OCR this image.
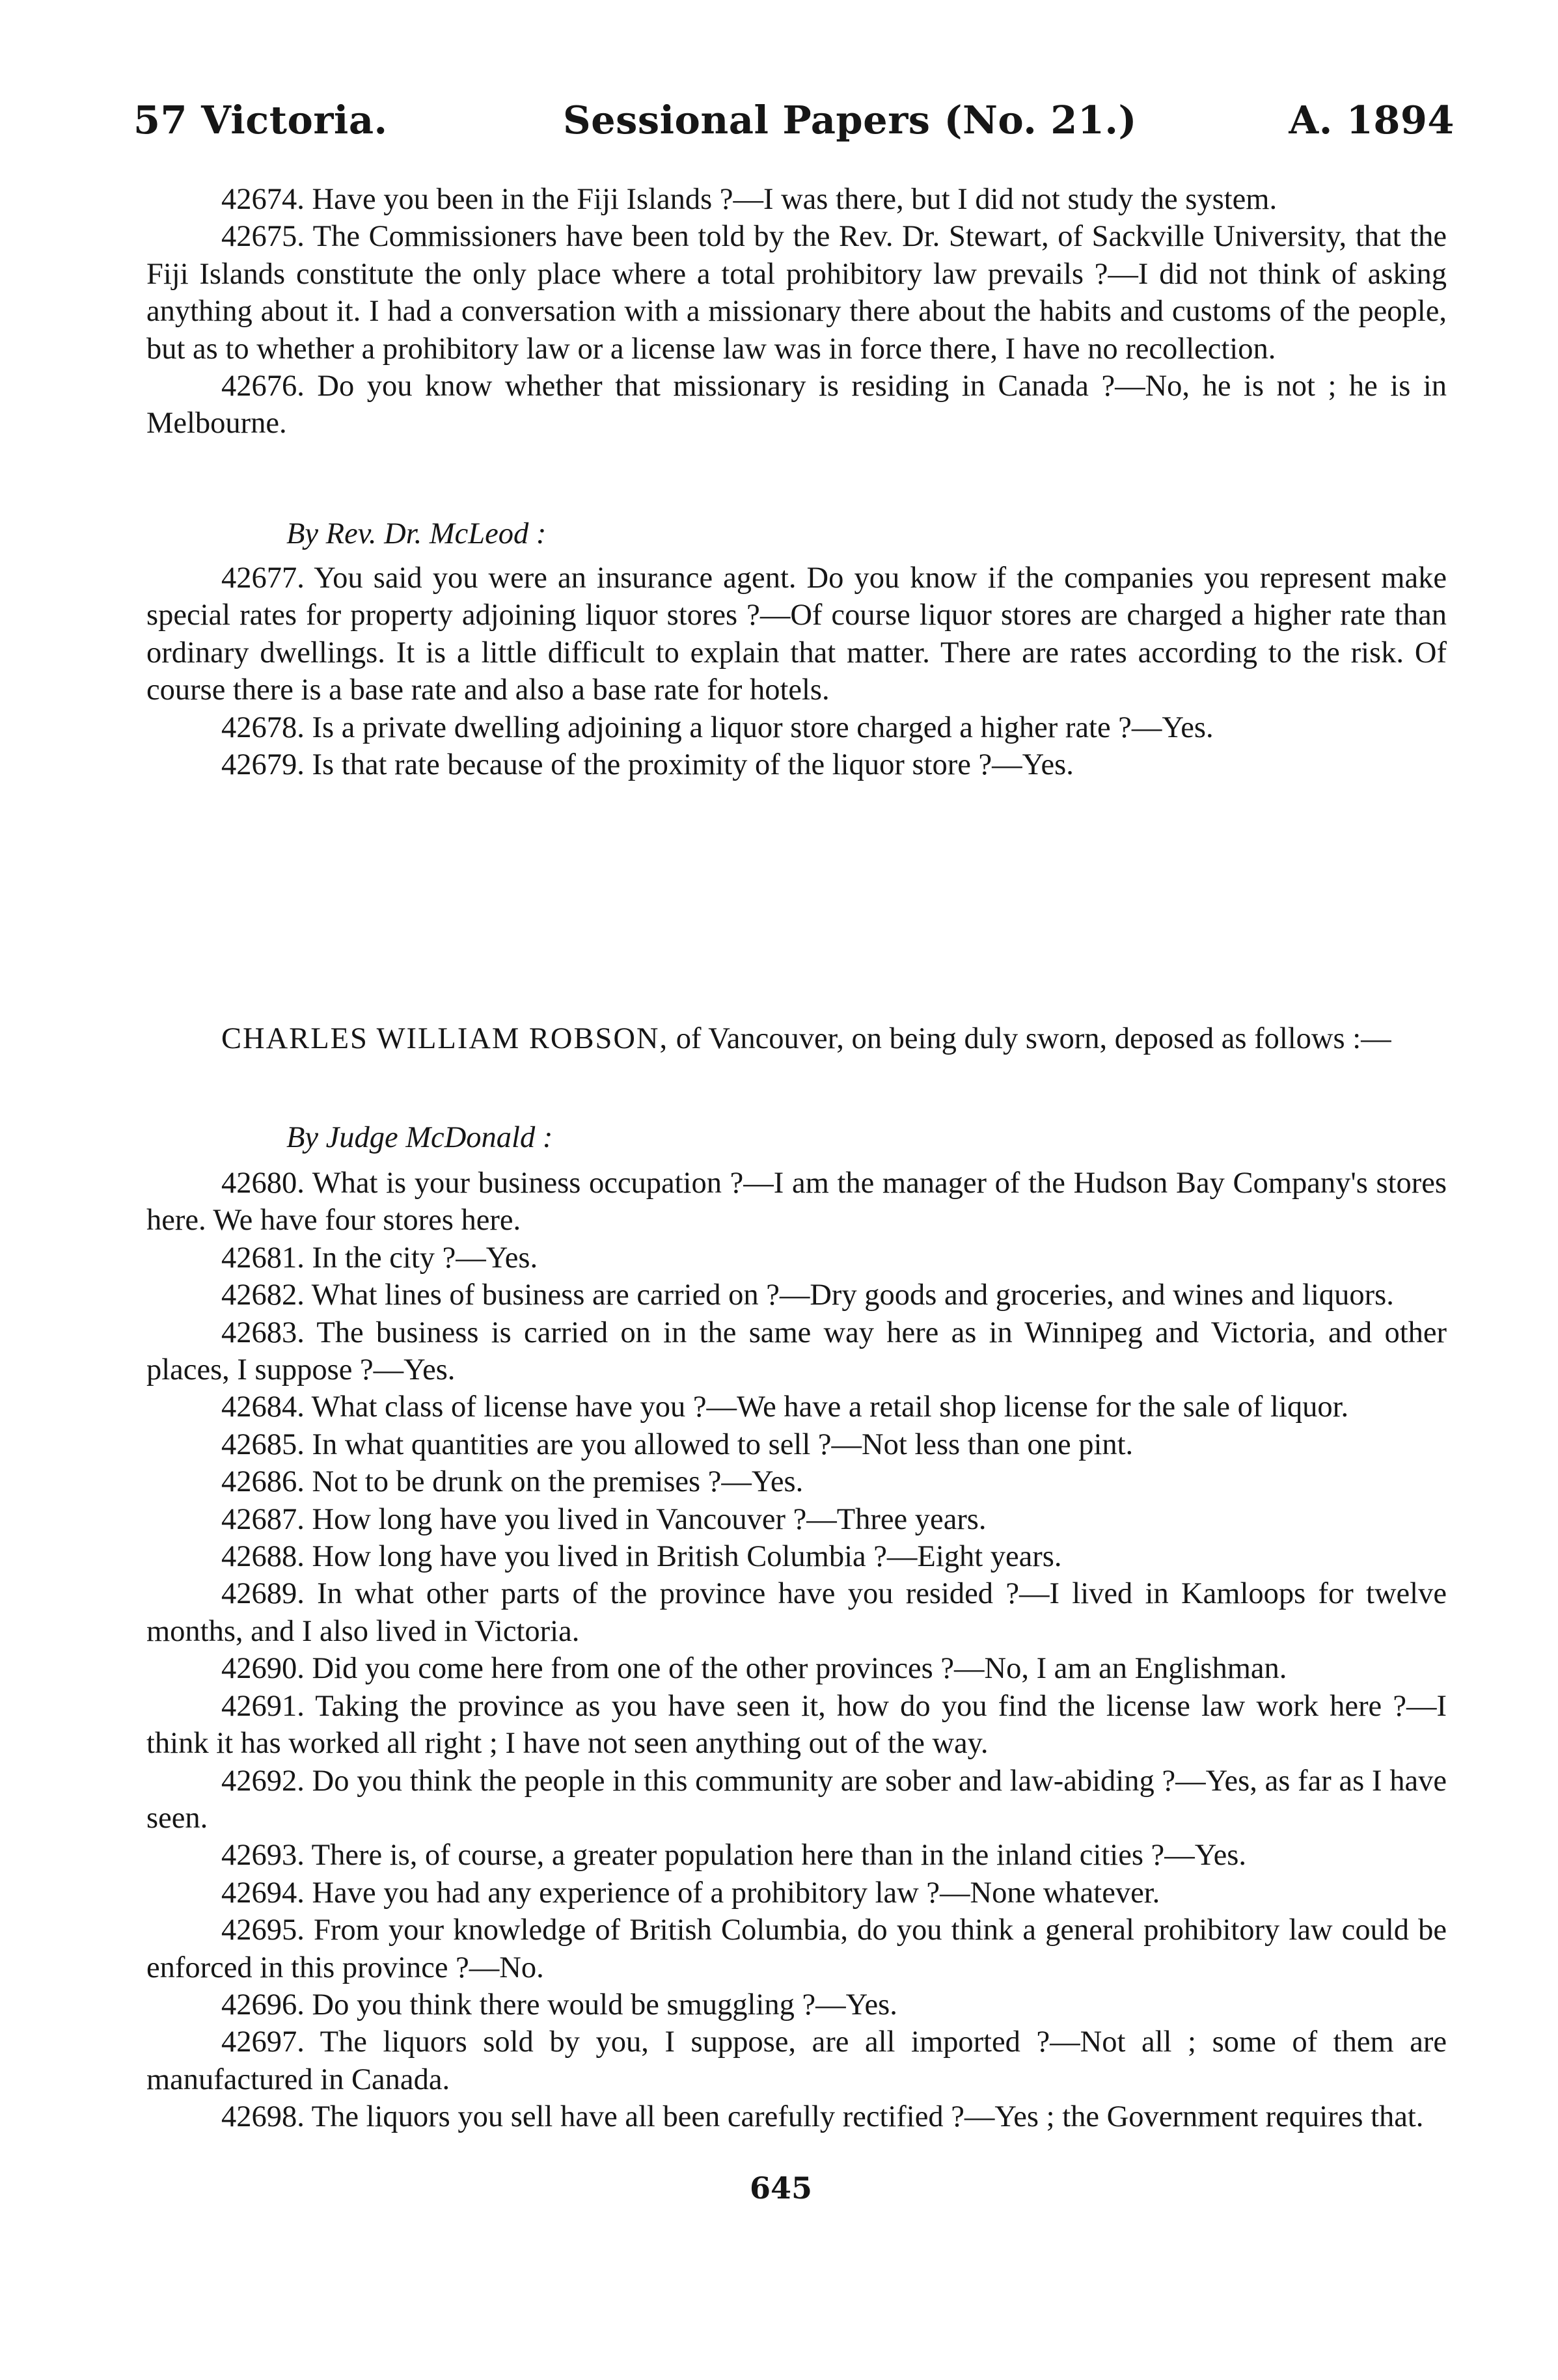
57 Victoria.	Sessional Papers (No. 21.)	A. 1894

42674. Have you been in the Fiji Islands ?—I was there, but I did not study the system.

42675. The Commissioners have been told by the Rev. Dr. Stewart, of Sackville University, that the Fiji Islands constitute the only place where a total prohibitory law prevails ?—I did not think of asking anything about it. I had a conversation with a missionary there about the habits and customs of the people, but as to whether a prohibitory law or a license law was in force there, I have no recollection.

42676. Do you know whether that missionary is residing in Canada ?—No, he is not ; he is in Melbourne.

By Rev. Dr. McLeod :

42677. You said you were an insurance agent. Do you know if the companies you represent make special rates for property adjoining liquor stores ?—Of course liquor stores are charged a higher rate than ordinary dwellings. It is a little difficult to explain that matter. There are rates according to the risk. Of course there is a base rate and also a base rate for hotels.

42678. Is a private dwelling adjoining a liquor store charged a higher rate ?—Yes.

42679. Is that rate because of the proximity of the liquor store ?—Yes.

CHARLES WILLIAM ROBSON, of Vancouver, on being duly sworn, deposed as follows :—

By Judge McDonald :

42680. What is your business occupation ?—I am the manager of the Hudson Bay Company's stores here. We have four stores here.

42681. In the city ?—Yes.

42682. What lines of business are carried on ?—Dry goods and groceries, and wines and liquors.

42683. The business is carried on in the same way here as in Winnipeg and Victoria, and other places, I suppose ?—Yes.

42684. What class of license have you ?—We have a retail shop license for the sale of liquor.

42685. In what quantities are you allowed to sell ?—Not less than one pint.

42686. Not to be drunk on the premises ?—Yes.

42687. How long have you lived in Vancouver ?—Three years.

42688. How long have you lived in British Columbia ?—Eight years.

42689. In what other parts of the province have you resided ?—I lived in Kamloops for twelve months, and I also lived in Victoria.

42690. Did you come here from one of the other provinces ?—No, I am an Englishman.

42691. Taking the province as you have seen it, how do you find the license law work here ?—I think it has worked all right ; I have not seen anything out of the way.

42692. Do you think the people in this community are sober and law-abiding ?—Yes, as far as I have seen.

42693. There is, of course, a greater population here than in the inland cities ?—Yes.

42694. Have you had any experience of a prohibitory law ?—None whatever.

42695. From your knowledge of British Columbia, do you think a general prohibitory law could be enforced in this province ?—No.

42696. Do you think there would be smuggling ?—Yes.

42697. The liquors sold by you, I suppose, are all imported ?—Not all ; some of them are manufactured in Canada.

42698. The liquors you sell have all been carefully rectified ?—Yes ; the Government requires that.

645
